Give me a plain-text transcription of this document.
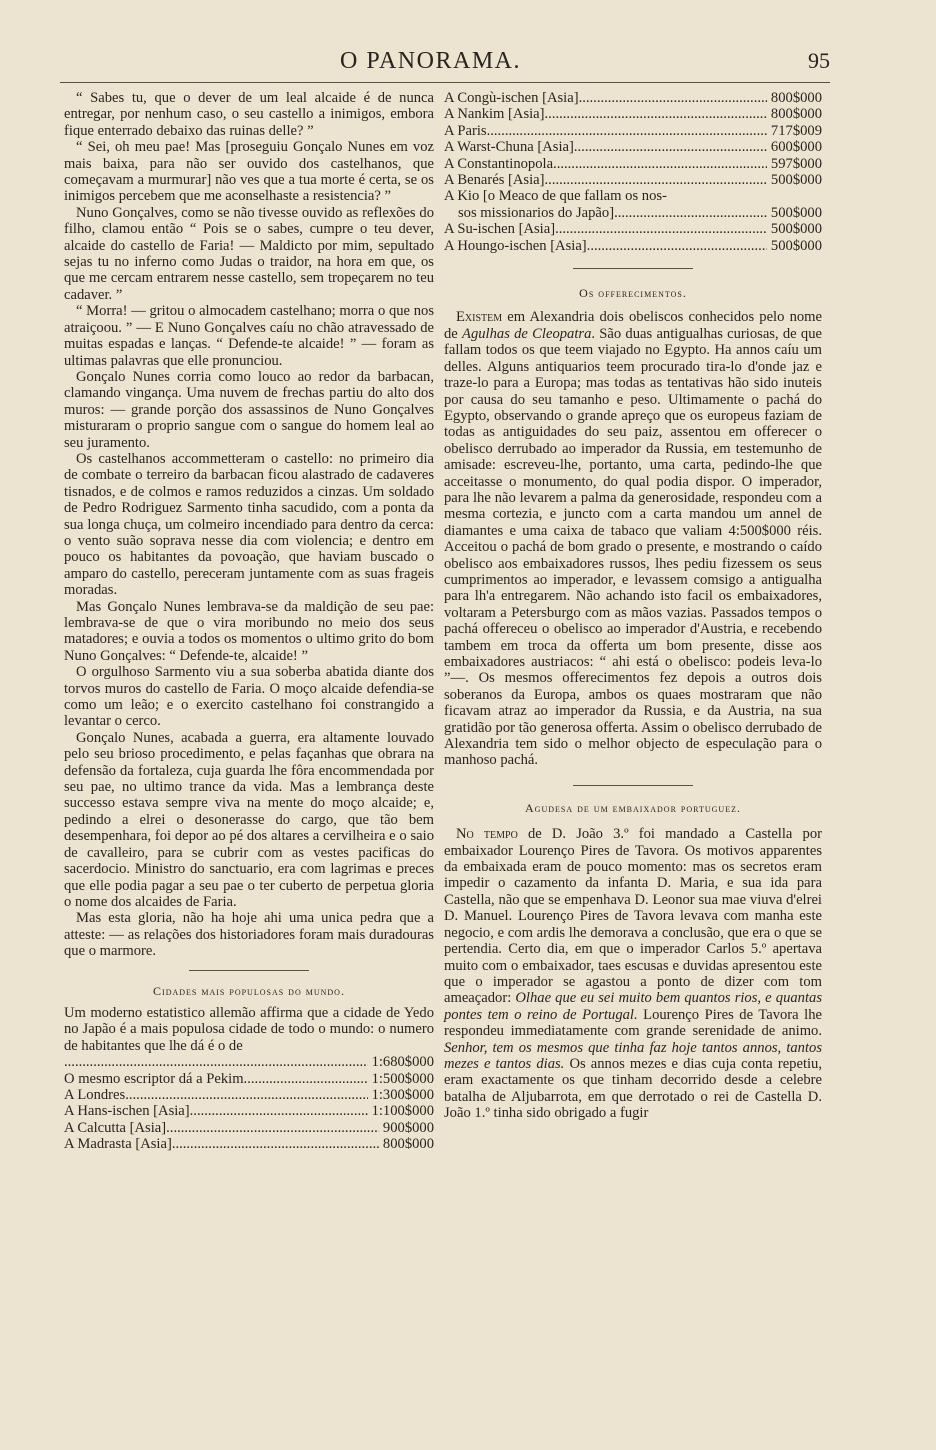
O PANORAMA.	95

“ Sabes tu, que o dever de um leal alcaide é de nunca entregar, por nenhum caso, o seu castello a inimigos, embora fique enterrado debaixo das ruinas delle? ”

“ Sei, oh meu pae! Mas [proseguiu Gonçalo Nunes em voz mais baixa, para não ser ouvido dos castelhanos, que começavam a murmurar] não ves que a tua morte é certa, se os inimigos percebem que me aconselhaste a resistencia? ”

Nuno Gonçalves, como se não tivesse ouvido as reflexões do filho, clamou então “ Pois se o sabes, cumpre o teu dever, alcaide do castello de Faria! — Maldicto por mim, sepultado sejas tu no inferno como Judas o traidor, na hora em que, os que me cercam entrarem nesse castello, sem tropeçarem no teu cadaver. ”

“ Morra! — gritou o almocadem castelhano; morra o que nos atraiçoou. ” — E Nuno Gonçalves caíu no chão atravessado de muitas espadas e lanças. “ Defende-te alcaide! ” — foram as ultimas palavras que elle pronunciou.

Gonçalo Nunes corria como louco ao redor da barbacan, clamando vingança. Uma nuvem de frechas partiu do alto dos muros: — grande porção dos assassinos de Nuno Gonçalves misturaram o proprio sangue com o sangue do homem leal ao seu juramento.

Os castelhanos accommetteram o castello: no primeiro dia de combate o terreiro da barbacan ficou alastrado de cadaveres tisnados, e de colmos e ramos reduzidos a cinzas. Um soldado de Pedro Rodriguez Sarmento tinha sacudido, com a ponta da sua longa chuça, um colmeiro incendiado para dentro da cerca: o vento suão soprava nesse dia com violencia; e dentro em pouco os habitantes da povoação, que haviam buscado o amparo do castello, pereceram juntamente com as suas frageis moradas.

Mas Gonçalo Nunes lembrava-se da maldição de seu pae: lembrava-se de que o vira moribundo no meio dos seus matadores; e ouvia a todos os momentos o ultimo grito do bom Nuno Gonçalves: “ Defende-te, alcaide! ”

O orgulhoso Sarmento viu a sua soberba abatida diante dos torvos muros do castello de Faria. O moço alcaide defendia-se como um leão; e o exercito castelhano foi constrangido a levantar o cerco.

Gonçalo Nunes, acabada a guerra, era altamente louvado pelo seu brioso procedimento, e pelas façanhas que obrara na defensão da fortaleza, cuja guarda lhe fôra encommendada por seu pae, no ultimo trance da vida. Mas a lembrança deste successo estava sempre viva na mente do moço alcaide; e, pedindo a elrei o desonerasse do cargo, que tão bem desempenhara, foi depor ao pé dos altares a cervilheira e o saio de cavalleiro, para se cubrir com as vestes pacificas do sacerdocio. Ministro do sanctuario, era com lagrimas e preces que elle podia pagar a seu pae o ter cuberto de perpetua gloria o nome dos alcaides de Faria.

Mas esta gloria, não ha hoje ahi uma unica pedra que a atteste: — as relações dos historiadores foram mais duradouras que o marmore.

Cidades mais populosas do mundo.

Um moderno estatistico allemão affirma que a cidade de Yedo no Japão é a mais populosa cidade de todo o mundo: o numero de habitantes que lhe dá é o de

.....
1:680$000
O mesmo escriptor dá a Pekim .....	1:500$000
A Londres .....	1:300$000
A Hans-ischen [Asia] .....	1:100$000
A Calcutta [Asia] .....	900$000
A Madrasta [Asia] .....	800$000
A Congù-ischen [Asia] .....	800$000
A Nankim [Asia] .....	800$000
A Paris .....	717$009
A Warst-Chuna [Asia] .....	600$000
A Constantinopola .....	597$000
A Benarés [Asia] .....	500$000
A Kio [o Meaco de que fallam os nos-
sos missionarios do Japão] .....	500$000
A Su-ischen [Asia] .....	500$000
A Houngo-ischen [Asia] .....	500$000
Os offerecimentos.

Existem em Alexandria dois obeliscos conhecidos pelo nome de Agulhas de Cleopatra. São duas antigualhas curiosas, de que fallam todos os que teem viajado no Egypto. Ha annos caíu um delles. Alguns antiquarios teem procurado tira-lo d'onde jaz e traze-lo para a Europa; mas todas as tentativas hão sido inuteis por causa do seu tamanho e peso. Ultimamente o pachá do Egypto, observando o grande apreço que os europeus faziam de todas as antiguidades do seu paiz, assentou em offerecer o obelisco derrubado ao imperador da Russia, em testemunho de amisade: escreveu-lhe, portanto, uma carta, pedindo-lhe que acceitasse o monumento, do qual podia dispor. O imperador, para lhe não levarem a palma da generosidade, respondeu com a mesma cortezia, e juncto com a carta mandou um annel de diamantes e uma caixa de tabaco que valiam 4:500$000 réis. Acceitou o pachá de bom grado o presente, e mostrando o caído obelisco aos embaixadores russos, lhes pediu fizessem os seus cumprimentos ao imperador, e levassem comsigo a antigualha para lh'a entregarem. Não achando isto facil os embaixadores, voltaram a Petersburgo com as mãos vazias. Passados tempos o pachá offereceu o obelisco ao imperador d'Austria, e recebendo tambem em troca da offerta um bom presente, disse aos embaixadores austriacos: “ ahi está o obelisco: podeis leva-lo ”—. Os mesmos offerecimentos fez depois a outros dois soberanos da Europa, ambos os quaes mostraram que não ficavam atraz ao imperador da Russia, e da Austria, na sua gratidão por tão generosa offerta. Assim o obelisco derrubado de Alexandria tem sido o melhor objecto de especulação para o manhoso pachá.

Agudesa de um embaixador portuguez.

No tempo de D. João 3.º foi mandado a Castella por embaixador Lourenço Pires de Tavora. Os motivos apparentes da embaixada eram de pouco momento: mas os secretos eram impedir o cazamento da infanta D. Maria, e sua ida para Castella, não que se empenhava D. Leonor sua mae viuva d'elrei D. Manuel. Lourenço Pires de Tavora levava com manha este negocio, e com ardis lhe demorava a conclusão, que era o que se pertendia. Certo dia, em que o imperador Carlos 5.º apertava muito com o embaixador, taes escusas e duvidas apresentou este que o imperador se agastou a ponto de dizer com tom ameaçador: Olhae que eu sei muito bem quantos rios, e quantas pontes tem o reino de Portugal. Lourenço Pires de Tavora lhe respondeu immediatamente com grande serenidade de animo. Senhor, tem os mesmos que tinha faz hoje tantos annos, tantos mezes e tantos dias. Os annos mezes e dias cuja conta repetiu, eram exactamente os que tinham decorrido desde a celebre batalha de Aljubarrota, em que derrotado o rei de Castella D. João 1.º tinha sido obrigado a fugir
